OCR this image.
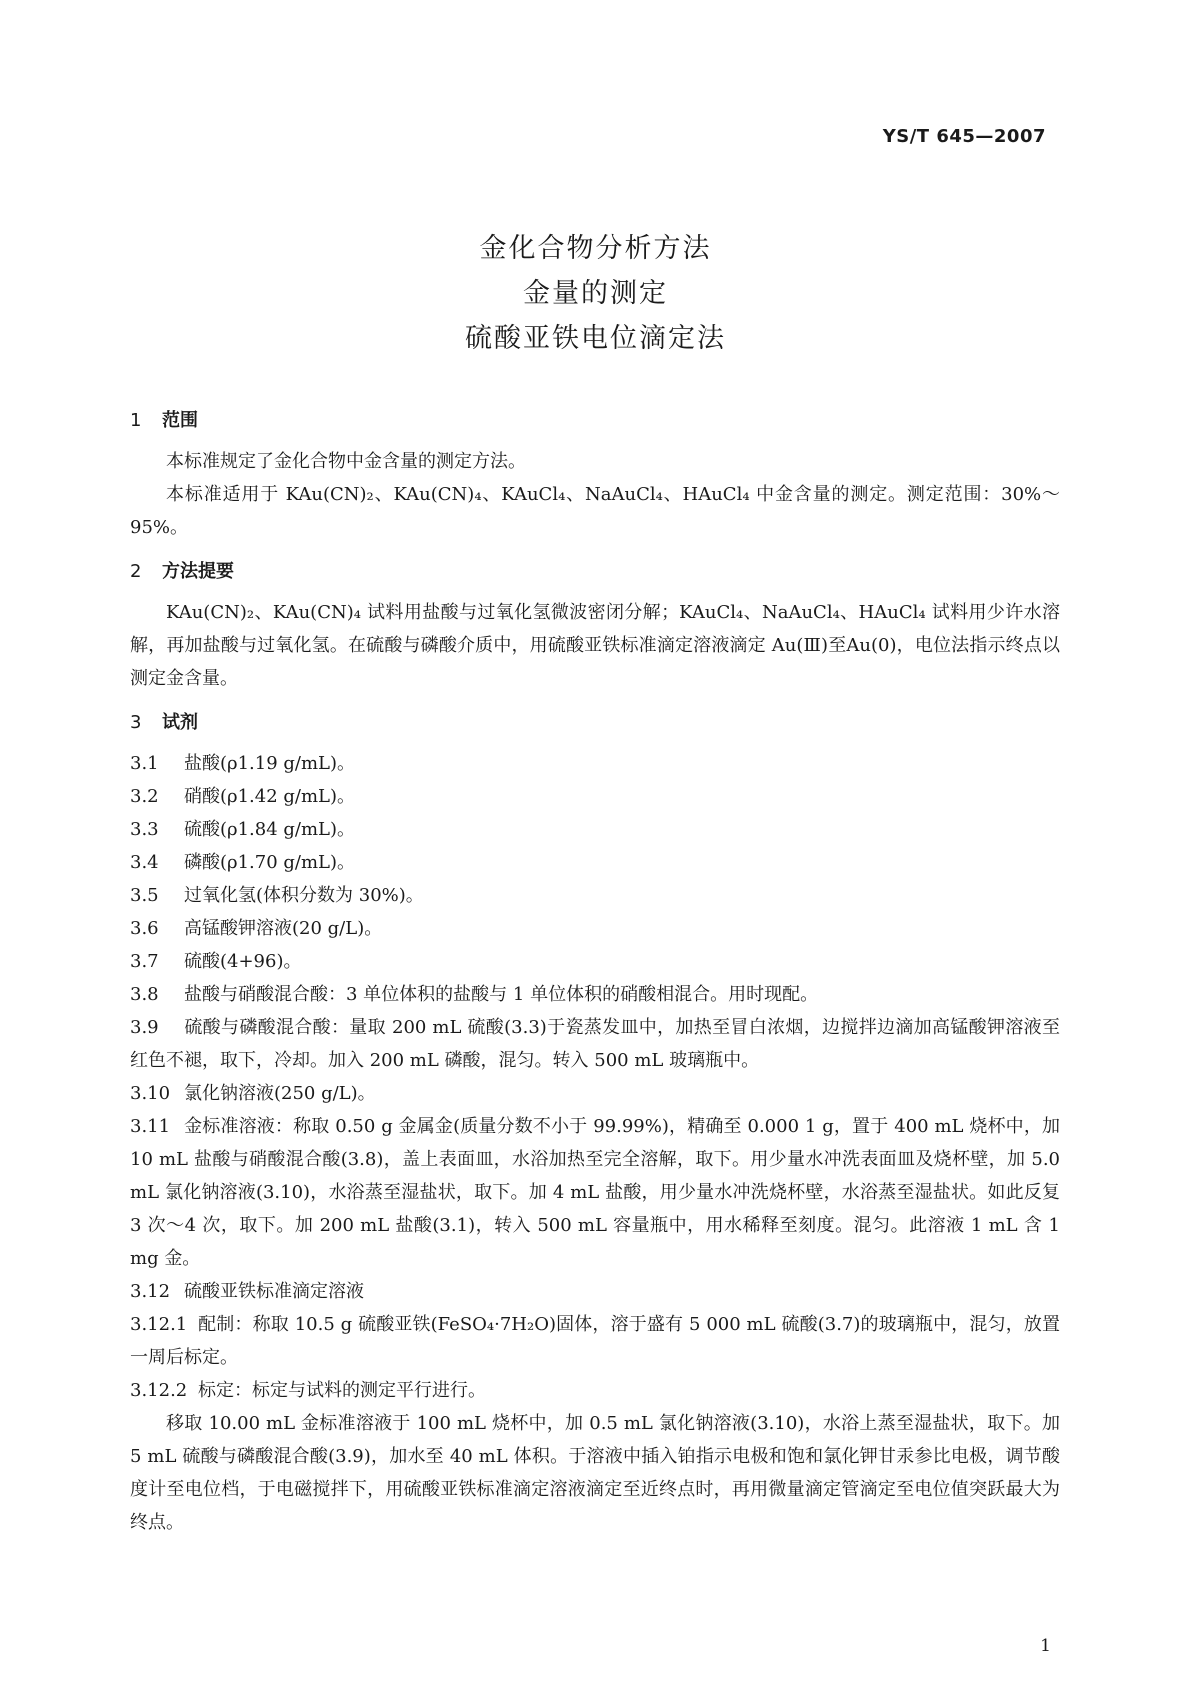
YS/T 645—2007
金化合物分析方法
金量的测定
硫酸亚铁电位滴定法
1 范围

本标准规定了金化合物中金含量的测定方法。

本标准适用于 KAu(CN)₂、KAu(CN)₄、KAuCl₄、NaAuCl₄、HAuCl₄ 中金含量的测定。测定范围：30%～95%。

2 方法提要

KAu(CN)₂、KAu(CN)₄ 试料用盐酸与过氧化氢微波密闭分解；KAuCl₄、NaAuCl₄、HAuCl₄ 试料用少许水溶解，再加盐酸与过氧化氢。在硫酸与磷酸介质中，用硫酸亚铁标准滴定溶液滴定 Au(Ⅲ)至Au(0)，电位法指示终点以测定金含量。

3 试剂

3.1 盐酸(ρ1.19 g/mL)。

3.2 硝酸(ρ1.42 g/mL)。

3.3 硫酸(ρ1.84 g/mL)。

3.4 磷酸(ρ1.70 g/mL)。

3.5 过氧化氢(体积分数为 30%)。

3.6 高锰酸钾溶液(20 g/L)。

3.7 硫酸(4+96)。

3.8 盐酸与硝酸混合酸：3 单位体积的盐酸与 1 单位体积的硝酸相混合。用时现配。

3.9 硫酸与磷酸混合酸：量取 200 mL 硫酸(3.3)于瓷蒸发皿中，加热至冒白浓烟，边搅拌边滴加高锰酸钾溶液至红色不褪，取下，冷却。加入 200 mL 磷酸，混匀。转入 500 mL 玻璃瓶中。

3.10 氯化钠溶液(250 g/L)。

3.11 金标准溶液：称取 0.50 g 金属金(质量分数不小于 99.99%)，精确至 0.000 1 g，置于 400 mL 烧杯中，加 10 mL 盐酸与硝酸混合酸(3.8)，盖上表面皿，水浴加热至完全溶解，取下。用少量水冲洗表面皿及烧杯壁，加 5.0 mL 氯化钠溶液(3.10)，水浴蒸至湿盐状，取下。加 4 mL 盐酸，用少量水冲洗烧杯壁，水浴蒸至湿盐状。如此反复 3 次～4 次，取下。加 200 mL 盐酸(3.1)，转入 500 mL 容量瓶中，用水稀释至刻度。混匀。此溶液 1 mL 含 1 mg 金。

3.12 硫酸亚铁标准滴定溶液

3.12.1 配制：称取 10.5 g 硫酸亚铁(FeSO₄·7H₂O)固体，溶于盛有 5 000 mL 硫酸(3.7)的玻璃瓶中，混匀，放置一周后标定。

3.12.2 标定：标定与试料的测定平行进行。

移取 10.00 mL 金标准溶液于 100 mL 烧杯中，加 0.5 mL 氯化钠溶液(3.10)，水浴上蒸至湿盐状，取下。加 5 mL 硫酸与磷酸混合酸(3.9)，加水至 40 mL 体积。于溶液中插入铂指示电极和饱和氯化钾甘汞参比电极，调节酸度计至电位档，于电磁搅拌下，用硫酸亚铁标准滴定溶液滴定至近终点时，再用微量滴定管滴定至电位值突跃最大为终点。

1
